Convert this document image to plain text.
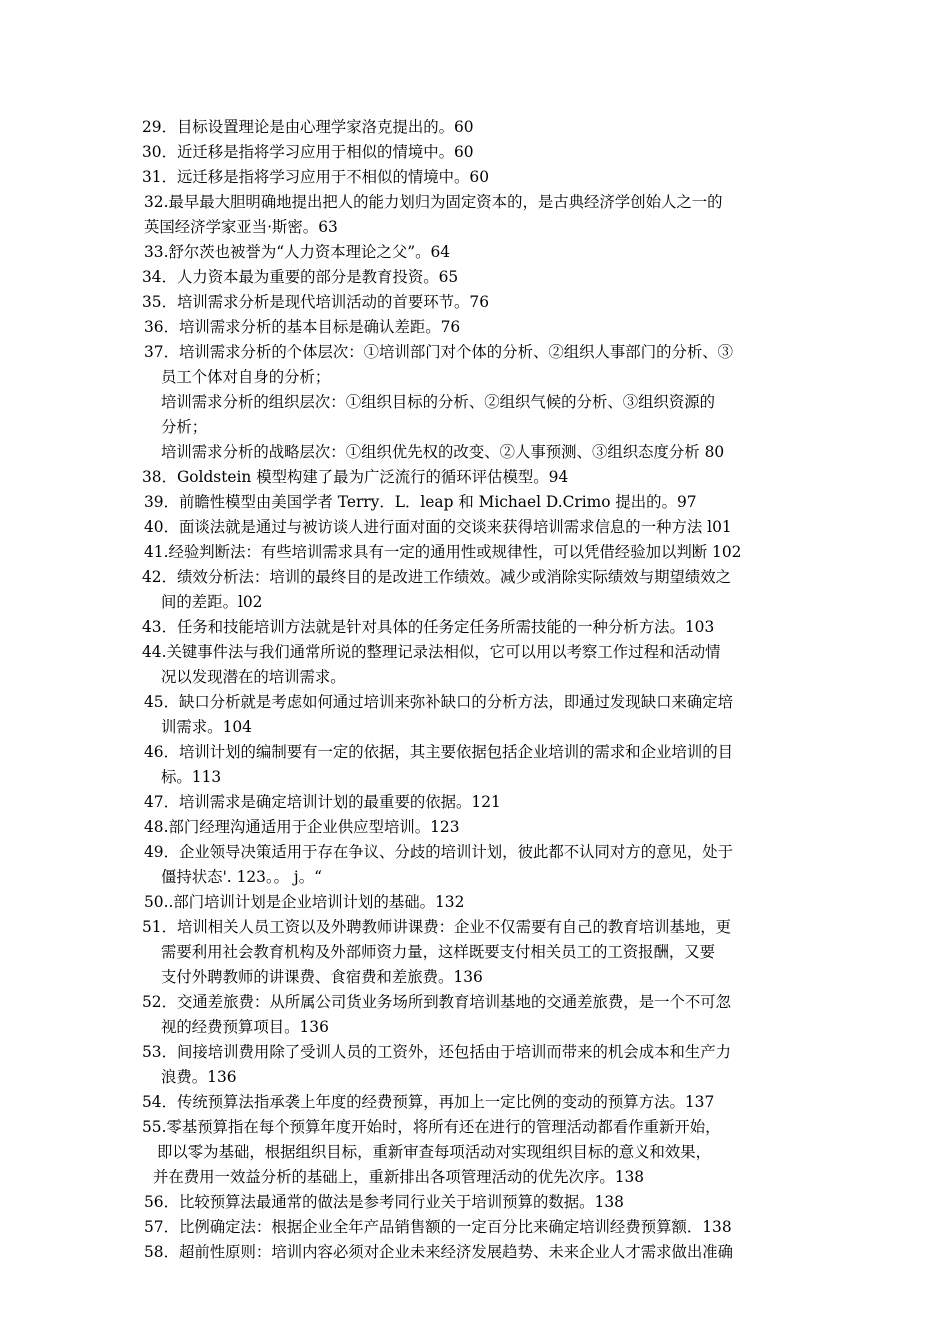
29．目标设置理论是由心理学家洛克提出的。60
30．近迁移是指将学习应用于相似的情境中。60
31．远迁移是指将学习应用于不相似的情境中。60
32.最早最大胆明确地提出把人的能力划归为固定资本的，是古典经济学创始人之一的
英国经济学家亚当·斯密。63
33.舒尔茨也被誉为“人力资本理论之父”。64
34．人力资本最为重要的部分是教育投资。65
35．培训需求分析是现代培训活动的首要环节。76
36．培训需求分析的基本目标是确认差距。76
37．培训需求分析的个体层次：①培训部门对个体的分析、②组织人事部门的分析、③
员工个体对自身的分析；
培训需求分析的组织层次：①组织目标的分析、②组织气候的分析、③组织资源的
分析；
培训需求分析的战略层次：①组织优先权的改变、②人事预测、③组织态度分析 80
38．Goldstein 模型构建了最为广泛流行的循环评估模型。94
39．前瞻性模型由美国学者 Terry．L．leap 和 Michael D.Crimo 提出的。97
40．面谈法就是通过与被访谈人进行面对面的交谈来获得培训需求信息的一种方法 l01
41.经验判断法：有些培训需求具有一定的通用性或规律性，可以凭借经验加以判断 102
42．绩效分析法：培训的最终目的是改进工作绩效。减少或消除实际绩效与期望绩效之
间的差距。l02
43．任务和技能培训方法就是针对具体的任务定任务所需技能的一种分析方法。103
44.关键事件法与我们通常所说的整理记录法相似，它可以用以考察工作过程和活动情
况以发现潜在的培训需求。
45．缺口分析就是考虑如何通过培训来弥补缺口的分析方法，即通过发现缺口来确定培
训需求。104
46．培训计划的编制要有一定的依据，其主要依据包括企业培训的需求和企业培训的目
标。113
47．培训需求是确定培训计划的最重要的依据。121
48.部门经理沟通适用于企业供应型培训。123
49．企业领导决策适用于存在争议、分歧的培训计划，彼此都不认同对方的意见，处于
僵持状态'. 123。。 j。“
50..部门培训计划是企业培训计划的基础。132
51．培训相关人员工资以及外聘教师讲课费：企业不仅需要有自己的教育培训基地，更
需要利用社会教育机构及外部师资力量，这样既要支付相关员工的工资报酬，又要
支付外聘教师的讲课费、食宿费和差旅费。136
52．交通差旅费：从所属公司货业务场所到教育培训基地的交通差旅费，是一个不可忽
视的经费预算项目。136
53．间接培训费用除了受训人员的工资外，还包括由于培训而带来的机会成本和生产力
浪费。136
54．传统预算法指承袭上年度的经费预算，再加上一定比例的变动的预算方法。137
55.零基预算指在每个预算年度开始时，将所有还在进行的管理活动都看作重新开始，
即以零为基础，根据组织目标，重新审查每项活动对实现组织目标的意义和效果，
并在费用一效益分析的基础上，重新排出各项管理活动的优先次序。138
56．比较预算法最通常的做法是参考同行业关于培训预算的数据。138
57．比例确定法：根据企业全年产品销售额的一定百分比来确定培训经费预算额．138
58．超前性原则：培训内容必须对企业未来经济发展趋势、未来企业人才需求做出准确
